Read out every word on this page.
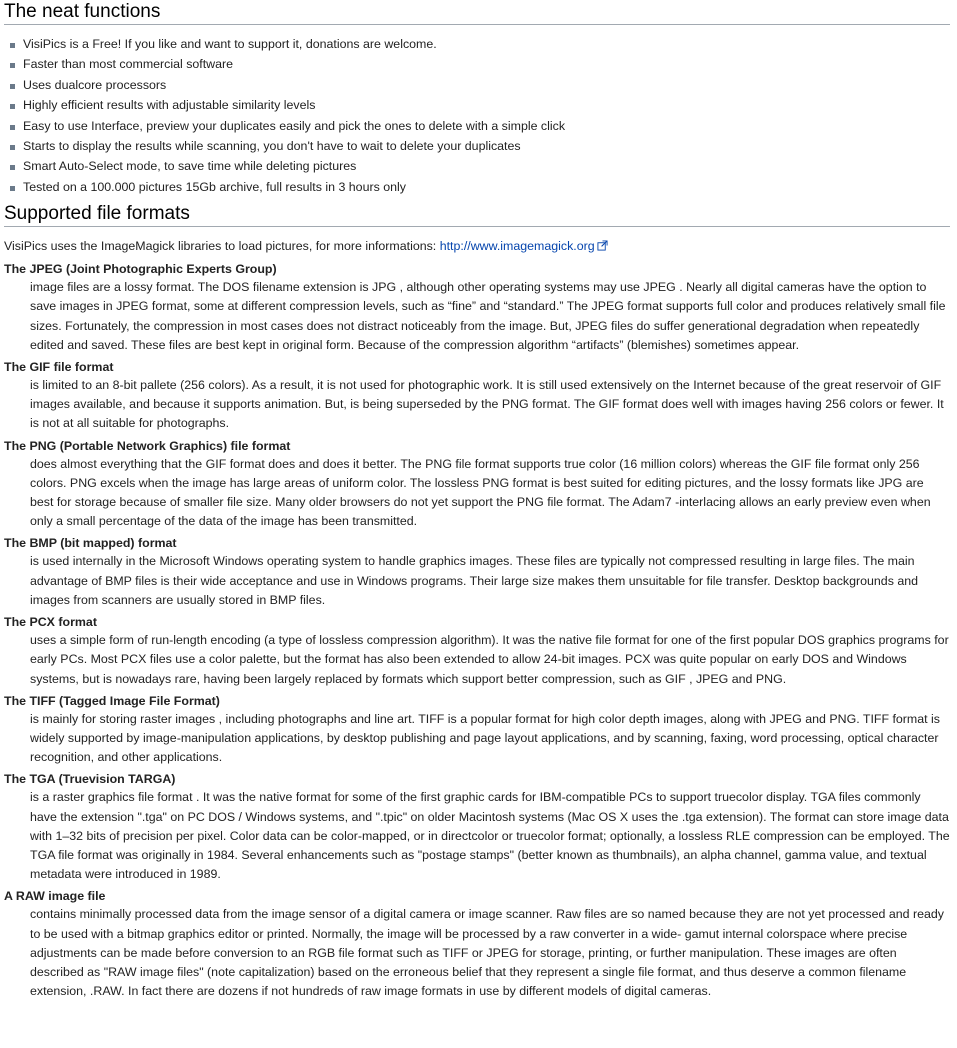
The neat functions
VisiPics is a Free! If you like and want to support it, donations are welcome.
Faster than most commercial software
Uses dualcore processors
Highly efficient results with adjustable similarity levels
Easy to use Interface, preview your duplicates easily and pick the ones to delete with a simple click
Starts to display the results while scanning, you don't have to wait to delete your duplicates
Smart Auto-Select mode, to save time while deleting pictures
Tested on a 100.000 pictures 15Gb archive, full results in 3 hours only
Supported file formats

VisiPics uses the ImageMagick libraries to load pictures, for more informations: http://www.imagemagick.org

The JPEG (Joint Photographic Experts Group)
image files are a lossy format. The DOS filename extension is JPG , although other operating systems may use JPEG . Nearly all digital cameras have the option to save images in JPEG format, some at different compression levels, such as “fine” and “standard.” The JPEG format supports full color and produces relatively small file sizes. Fortunately, the compression in most cases does not distract noticeably from the image. But, JPEG files do suffer generational degradation when repeatedly edited and saved. These files are best kept in original form. Because of the compression algorithm “artifacts” (blemishes) sometimes appear.
The GIF file format
is limited to an 8-bit pallete (256 colors). As a result, it is not used for photographic work. It is still used extensively on the Internet because of the great reservoir of GIF images available, and because it supports animation. But, is being superseded by the PNG format. The GIF format does well with images having 256 colors or fewer. It is not at all suitable for photographs.
The PNG (Portable Network Graphics) file format
does almost everything that the GIF format does and does it better. The PNG file format supports true color (16 million colors) whereas the GIF file format only 256 colors. PNG excels when the image has large areas of uniform color. The lossless PNG format is best suited for editing pictures, and the lossy formats like JPG are best for storage because of smaller file size. Many older browsers do not yet support the PNG file format. The Adam7 -interlacing allows an early preview even when only a small percentage of the data of the image has been transmitted.
The BMP (bit mapped) format
is used internally in the Microsoft Windows operating system to handle graphics images. These files are typically not compressed resulting in large files. The main advantage of BMP files is their wide acceptance and use in Windows programs. Their large size makes them unsuitable for file transfer. Desktop backgrounds and images from scanners are usually stored in BMP files.
The PCX format
uses a simple form of run-length encoding (a type of lossless compression algorithm). It was the native file format for one of the first popular DOS graphics programs for early PCs. Most PCX files use a color palette, but the format has also been extended to allow 24-bit images. PCX was quite popular on early DOS and Windows systems, but is nowadays rare, having been largely replaced by formats which support better compression, such as GIF , JPEG and PNG.
The TIFF (Tagged Image File Format)
is mainly for storing raster images , including photographs and line art. TIFF is a popular format for high color depth images, along with JPEG and PNG. TIFF format is widely supported by image-manipulation applications, by desktop publishing and page layout applications, and by scanning, faxing, word processing, optical character recognition, and other applications.
The TGA (Truevision TARGA)
is a raster graphics file format . It was the native format for some of the first graphic cards for IBM-compatible PCs to support truecolor display. TGA files commonly have the extension ".tga" on PC DOS / Windows systems, and ".tpic" on older Macintosh systems (Mac OS X uses the .tga extension). The format can store image data with 1–32 bits of precision per pixel. Color data can be color-mapped, or in directcolor or truecolor format; optionally, a lossless RLE compression can be employed. The TGA file format was originally in 1984. Several enhancements such as "postage stamps" (better known as thumbnails), an alpha channel, gamma value, and textual metadata were introduced in 1989.
A RAW image file
contains minimally processed data from the image sensor of a digital camera or image scanner. Raw files are so named because they are not yet processed and ready to be used with a bitmap graphics editor or printed. Normally, the image will be processed by a raw converter in a wide- gamut internal colorspace where precise adjustments can be made before conversion to an RGB file format such as TIFF or JPEG for storage, printing, or further manipulation. These images are often described as "RAW image files" (note capitalization) based on the erroneous belief that they represent a single file format, and thus deserve a common filename extension, .RAW. In fact there are dozens if not hundreds of raw image formats in use by different models of digital cameras.
